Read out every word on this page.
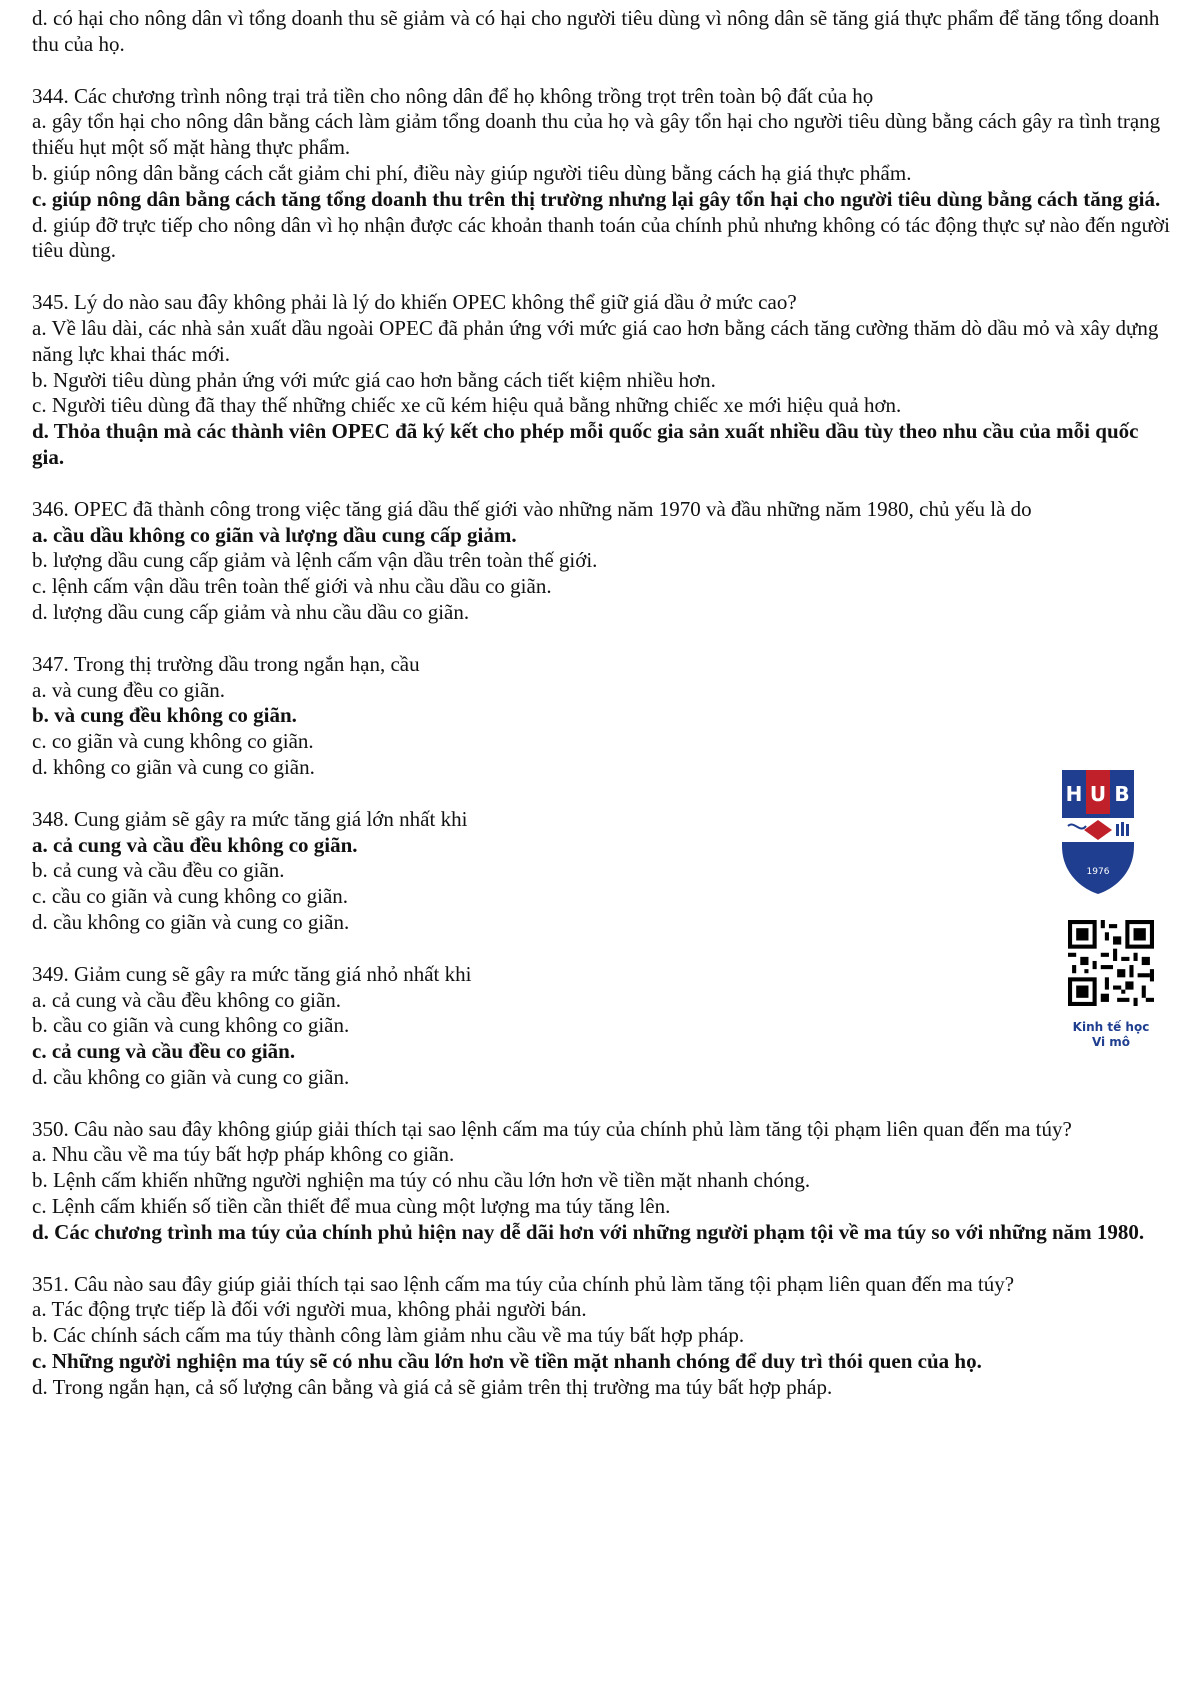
d. có hại cho nông dân vì tổng doanh thu sẽ giảm và có hại cho người tiêu dùng vì nông dân sẽ tăng giá thực phẩm để tăng tổng doanh thu của họ.
344. Các chương trình nông trại trả tiền cho nông dân để họ không trồng trọt trên toàn bộ đất của họ
a. gây tổn hại cho nông dân bằng cách làm giảm tổng doanh thu của họ và gây tổn hại cho người tiêu dùng bằng cách gây ra tình trạng thiếu hụt một số mặt hàng thực phẩm.
b. giúp nông dân bằng cách cắt giảm chi phí, điều này giúp người tiêu dùng bằng cách hạ giá thực phẩm.
c. giúp nông dân bằng cách tăng tổng doanh thu trên thị trường nhưng lại gây tổn hại cho người tiêu dùng bằng cách tăng giá.
d. giúp đỡ trực tiếp cho nông dân vì họ nhận được các khoản thanh toán của chính phủ nhưng không có tác động thực sự nào đến người tiêu dùng.
345. Lý do nào sau đây không phải là lý do khiến OPEC không thể giữ giá dầu ở mức cao?
a. Về lâu dài, các nhà sản xuất dầu ngoài OPEC đã phản ứng với mức giá cao hơn bằng cách tăng cường thăm dò dầu mỏ và xây dựng năng lực khai thác mới.
b. Người tiêu dùng phản ứng với mức giá cao hơn bằng cách tiết kiệm nhiều hơn.
c. Người tiêu dùng đã thay thế những chiếc xe cũ kém hiệu quả bằng những chiếc xe mới hiệu quả hơn.
d. Thỏa thuận mà các thành viên OPEC đã ký kết cho phép mỗi quốc gia sản xuất nhiều dầu tùy theo nhu cầu của mỗi quốc gia.
346. OPEC đã thành công trong việc tăng giá dầu thế giới vào những năm 1970 và đầu những năm 1980, chủ yếu là do
a. cầu dầu không co giãn và lượng dầu cung cấp giảm.
b. lượng dầu cung cấp giảm và lệnh cấm vận dầu trên toàn thế giới.
c. lệnh cấm vận dầu trên toàn thế giới và nhu cầu dầu co giãn.
d. lượng dầu cung cấp giảm và nhu cầu dầu co giãn.
347. Trong thị trường dầu trong ngắn hạn, cầu
a. và cung đều co giãn.
b. và cung đều không co giãn.
c. co giãn và cung không co giãn.
d. không co giãn và cung co giãn.
348. Cung giảm sẽ gây ra mức tăng giá lớn nhất khi
a. cả cung và cầu đều không co giãn.
b. cả cung và cầu đều co giãn.
c. cầu co giãn và cung không co giãn.
d. cầu không co giãn và cung co giãn.
349. Giảm cung sẽ gây ra mức tăng giá nhỏ nhất khi
a. cả cung và cầu đều không co giãn.
b. cầu co giãn và cung không co giãn.
c. cả cung và cầu đều co giãn.
d. cầu không co giãn và cung co giãn.
350. Câu nào sau đây không giúp giải thích tại sao lệnh cấm ma túy của chính phủ làm tăng tội phạm liên quan đến ma túy?
a. Nhu cầu về ma túy bất hợp pháp không co giãn.
b. Lệnh cấm khiến những người nghiện ma túy có nhu cầu lớn hơn về tiền mặt nhanh chóng.
c. Lệnh cấm khiến số tiền cần thiết để mua cùng một lượng ma túy tăng lên.
d. Các chương trình ma túy của chính phủ hiện nay dễ dãi hơn với những người phạm tội về ma túy so với những năm 1980.
351. Câu nào sau đây giúp giải thích tại sao lệnh cấm ma túy của chính phủ làm tăng tội phạm liên quan đến ma túy?
a. Tác động trực tiếp là đối với người mua, không phải người bán.
b. Các chính sách cấm ma túy thành công làm giảm nhu cầu về ma túy bất hợp pháp.
c. Những người nghiện ma túy sẽ có nhu cầu lớn hơn về tiền mặt nhanh chóng để duy trì thói quen của họ.
d. Trong ngắn hạn, cả số lượng cân bằng và giá cả sẽ giảm trên thị trường ma túy bất hợp pháp.
H U B
1976
Kinh tế học
Vi mô
